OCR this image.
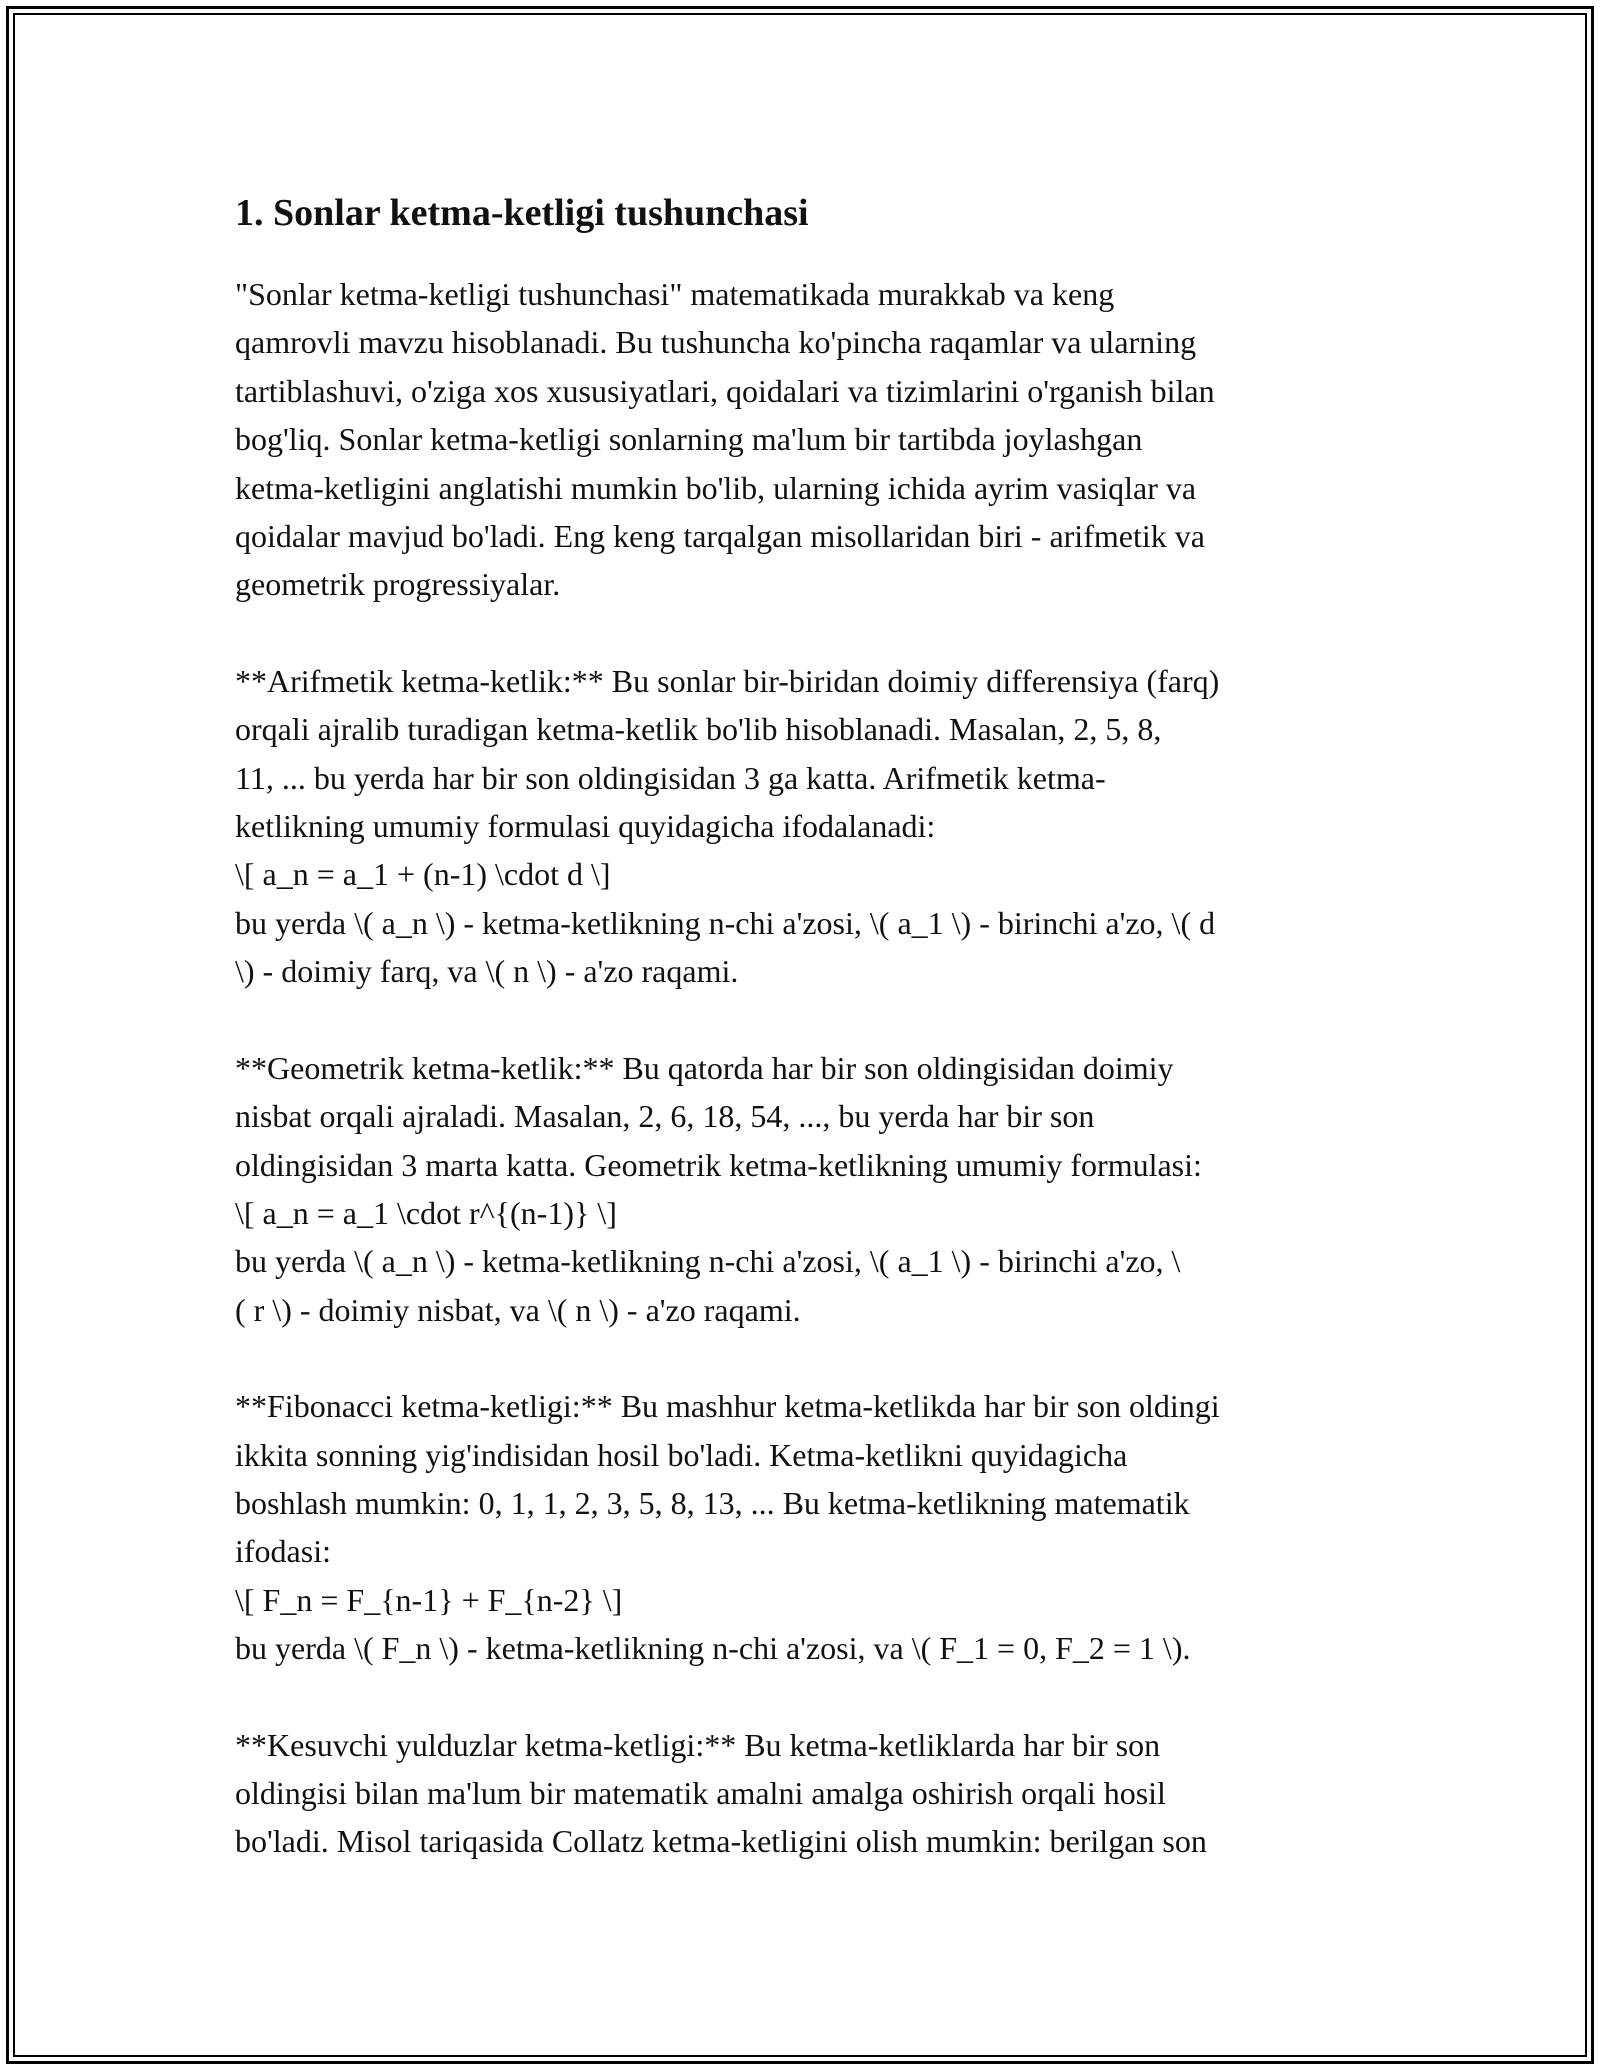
1. Sonlar ketma-ketligi tushunchasi
"Sonlar ketma-ketligi tushunchasi" matematikada murakkab va keng
qamrovli mavzu hisoblanadi. Bu tushuncha ko'pincha raqamlar va ularning
tartiblashuvi, o'ziga xos xususiyatlari, qoidalari va tizimlarini o'rganish bilan
bog'liq. Sonlar ketma-ketligi sonlarning ma'lum bir tartibda joylashgan
ketma-ketligini anglatishi mumkin bo'lib, ularning ichida ayrim vasiqlar va
qoidalar mavjud bo'ladi. Eng keng tarqalgan misollaridan biri - arifmetik va
geometrik progressiyalar.
**Arifmetik ketma-ketlik:** Bu sonlar bir-biridan doimiy differensiya (farq)
orqali ajralib turadigan ketma-ketlik bo'lib hisoblanadi. Masalan, 2, 5, 8,
11, ... bu yerda har bir son oldingisidan 3 ga katta. Arifmetik ketma-
ketlikning umumiy formulasi quyidagicha ifodalanadi:
\[ a_n = a_1 + (n-1) \cdot d \]
bu yerda \( a_n \) - ketma-ketlikning n-chi a'zosi, \( a_1 \) - birinchi a'zo, \( d
\) - doimiy farq, va \( n \) - a'zo raqami.
**Geometrik ketma-ketlik:** Bu qatorda har bir son oldingisidan doimiy
nisbat orqali ajraladi. Masalan, 2, 6, 18, 54, ..., bu yerda har bir son
oldingisidan 3 marta katta. Geometrik ketma-ketlikning umumiy formulasi:
\[ a_n = a_1 \cdot r^{(n-1)} \]
bu yerda \( a_n \) - ketma-ketlikning n-chi a'zosi, \( a_1 \) - birinchi a'zo, \
( r \) - doimiy nisbat, va \( n \) - a'zo raqami.
**Fibonacci ketma-ketligi:** Bu mashhur ketma-ketlikda har bir son oldingi
ikkita sonning yig'indisidan hosil bo'ladi. Ketma-ketlikni quyidagicha
boshlash mumkin: 0, 1, 1, 2, 3, 5, 8, 13, ... Bu ketma-ketlikning matematik
ifodasi:
\[ F_n = F_{n-1} + F_{n-2} \]
bu yerda \( F_n \) - ketma-ketlikning n-chi a'zosi, va \( F_1 = 0, F_2 = 1 \).
**Kesuvchi yulduzlar ketma-ketligi:** Bu ketma-ketliklarda har bir son
oldingisi bilan ma'lum bir matematik amalni amalga oshirish orqali hosil
bo'ladi. Misol tariqasida Collatz ketma-ketligini olish mumkin: berilgan son
